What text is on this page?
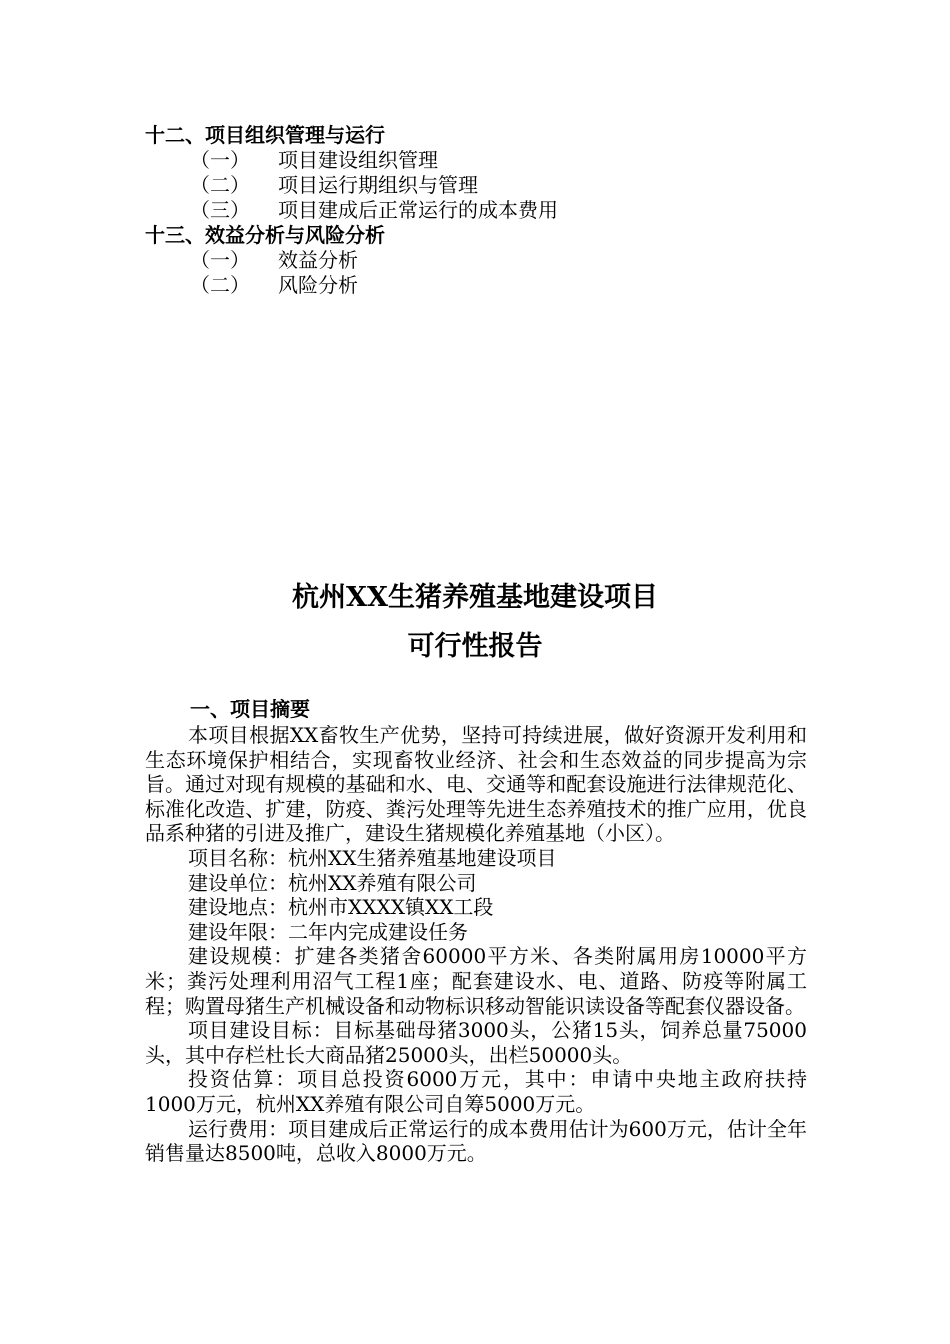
十二、项目组织管理与运行
（一） 项目建设组织管理
（二） 项目运行期组织与管理
（三） 项目建成后正常运行的成本费用
十三、效益分析与风险分析
（一） 效益分析
（二） 风险分析
杭州XX生猪养殖基地建设项目
可行性报告
一、项目摘要

本项目根据XX畜牧生产优势，坚持可持续进展，做好资源开发利用和生态环境保护相结合，实现畜牧业经济、社会和生态效益的同步提高为宗旨。通过对现有规模的基础和水、电、交通等和配套设施进行法律规范化、标准化改造、扩建，防疫、粪污处理等先进生态养殖技术的推广应用，优良品系种猪的引进及推广，建设生猪规模化养殖基地（小区）。

项目名称：杭州XX生猪养殖基地建设项目

建设单位：杭州XX养殖有限公司

建设地点：杭州市XXXX镇XX工段

建设年限：二年内完成建设任务

建设规模：扩建各类猪舍60000平方米、各类附属用房10000平方米；粪污处理利用沼气工程1座；配套建设水、电、道路、防疫等附属工程；购置母猪生产机械设备和动物标识移动智能识读设备等配套仪器设备。

项目建设目标：目标基础母猪3000头，公猪15头，饲养总量75000头，其中存栏杜长大商品猪25000头，出栏50000头。

投资估算：项目总投资6000万元，其中：申请中央地主政府扶持1000万元，杭州XX养殖有限公司自筹5000万元。

运行费用：项目建成后正常运行的成本费用估计为600万元，估计全年销售量达8500吨，总收入8000万元。
